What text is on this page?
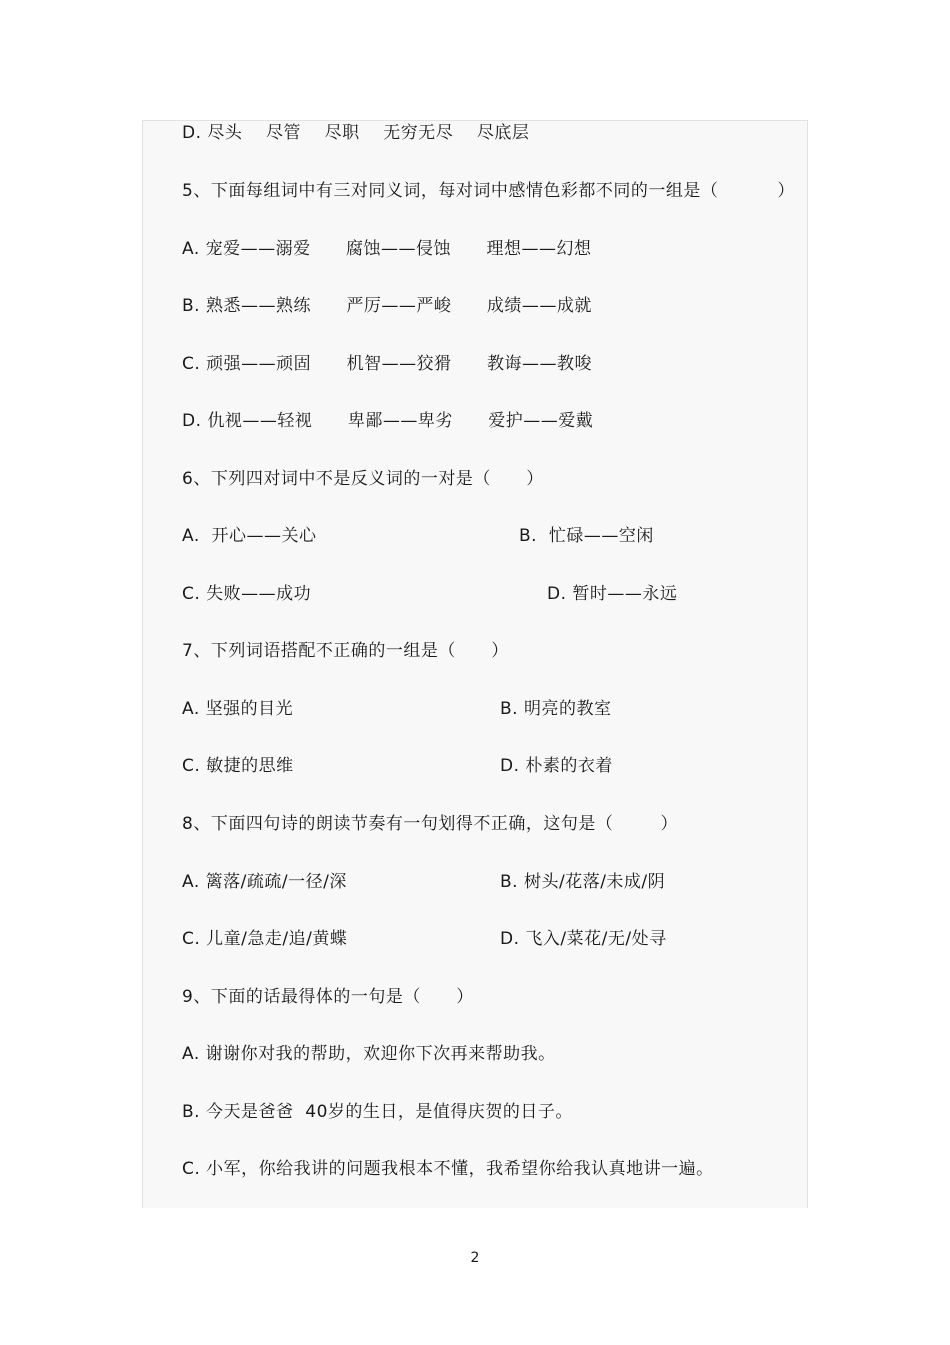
D. 尽头    尽管    尽职    无穷无尽    尽底层
5、下面每组词中有三对同义词，每对词中感情色彩都不同的一组是（          ）
A. 宠爱——溺爱      腐蚀——侵蚀      理想——幻想
B. 熟悉——熟练      严厉——严峻      成绩——成就
C. 顽强——顽固      机智——狡猾      教诲——教唆
D. 仇视——轻视      卑鄙——卑劣      爱护——爱戴
6、下列四对词中不是反义词的一对是（      ）
A.  开心——关心	B.  忙碌——空闲
C. 失败——成功	D. 暂时——永远
7、下列词语搭配不正确的一组是（      ）
A. 坚强的目光	B. 明亮的教室
C. 敏捷的思维	D. 朴素的衣着
8、下面四句诗的朗读节奏有一句划得不正确，这句是（        ）
A. 篱落/疏疏/一径/深	B. 树头/花落/未成/阴
C. 儿童/急走/追/黄蝶	D. 飞入/菜花/无/处寻
9、下面的话最得体的一句是（      ）
A. 谢谢你对我的帮助，欢迎你下次再来帮助我。
B. 今天是爸爸  40岁的生日，是值得庆贺的日子。
C. 小军，你给我讲的问题我根本不懂，我希望你给我认真地讲一遍。
2
